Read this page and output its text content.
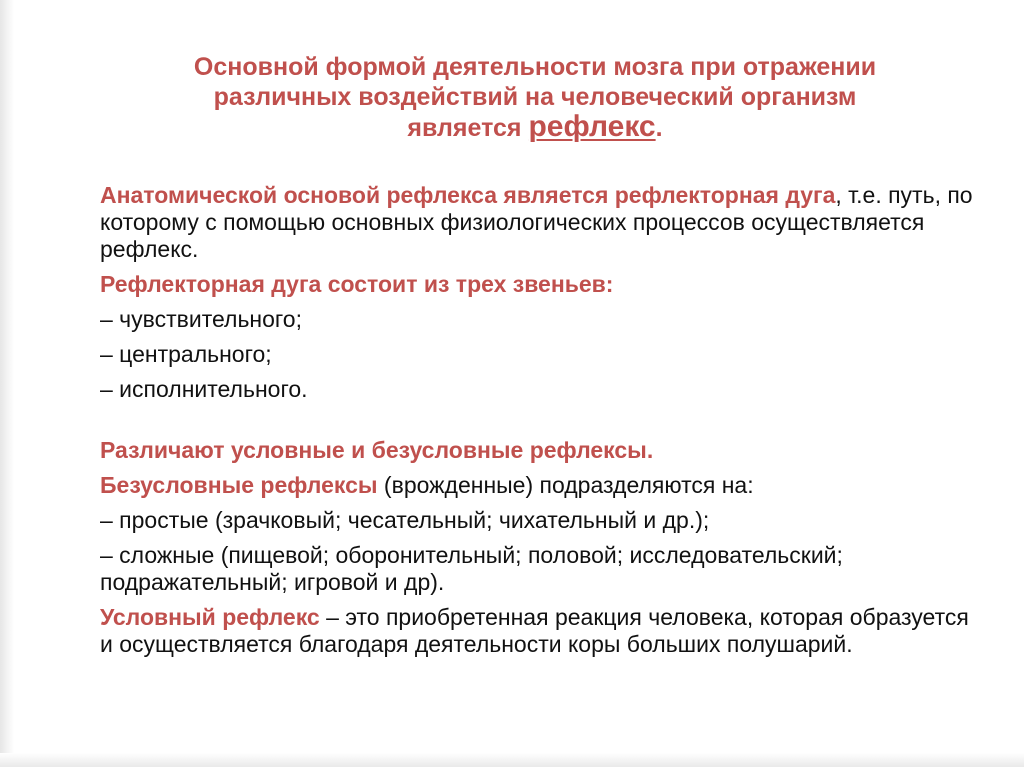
Основной формой деятельности мозга при отражении
различных воздействий на человеческий организм
является рефлекс.

Анатомической основой рефлекса является рефлекторная дуга, т.е. путь, по которому с помощью основных физиологических процессов осуществляется рефлекс.

Рефлекторная дуга состоит из трех звеньев:

– чувствительного;

– центрального;

– исполнительного.

Различают условные и безусловные рефлексы.

Безусловные рефлексы (врожденные) подразделяются на:

– простые (зрачковый; чесательный; чихательный и др.);

– сложные (пищевой; оборонительный; половой; исследовательский; подражательный; игровой и др).

Условный рефлекс – это приобретенная реакция человека, которая образуется и осуществляется благодаря деятельности коры больших полушарий.
